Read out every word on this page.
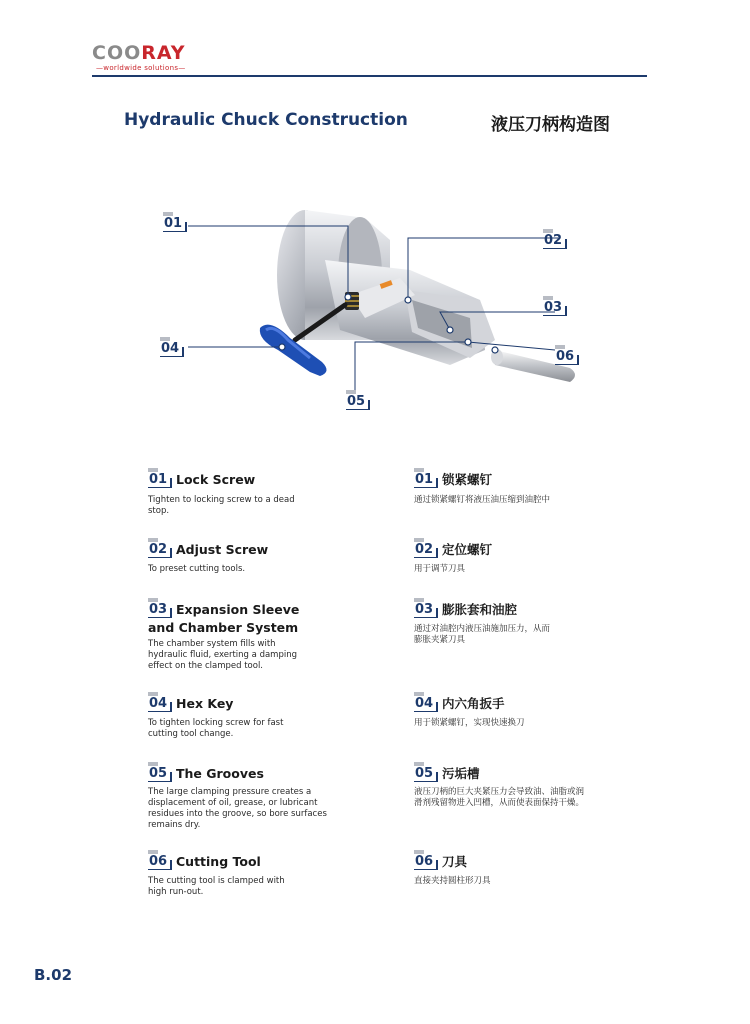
COORAY
—worldwide solutions—
Hydraulic Chuck Construction	液压刀柄构造图
01
02
03
04
06
05
01 Lock Screw
Tighten to locking screw to a dead
stop.
02 Adjust Screw
To preset cutting tools.
03 Expansion Sleeve
and Chamber System
The chamber system fills with
hydraulic fluid, exerting a damping
effect on the clamped tool.
04 Hex Key
To tighten locking screw for fast
cutting tool change.
05 The Grooves
The large clamping pressure creates a
displacement of oil, grease, or lubricant
residues into the groove, so bore surfaces
remains dry.
06 Cutting Tool
The cutting tool is clamped with
high run-out.
01 锁紧螺钉
通过锁紧螺钉将液压油压缩到油腔中
02 定位螺钉
用于调节刀具
03 膨胀套和油腔
通过对油腔内液压油施加压力，从而
膨胀夹紧刀具
04 内六角扳手
用于锁紧螺钉，实现快速换刀
05 污垢槽
液压刀柄的巨大夹紧压力会导致油、油脂或润
滑剂残留物进入凹槽，从而使表面保持干燥。
06 刀具
直接夹持圆柱形刀具
B.02
